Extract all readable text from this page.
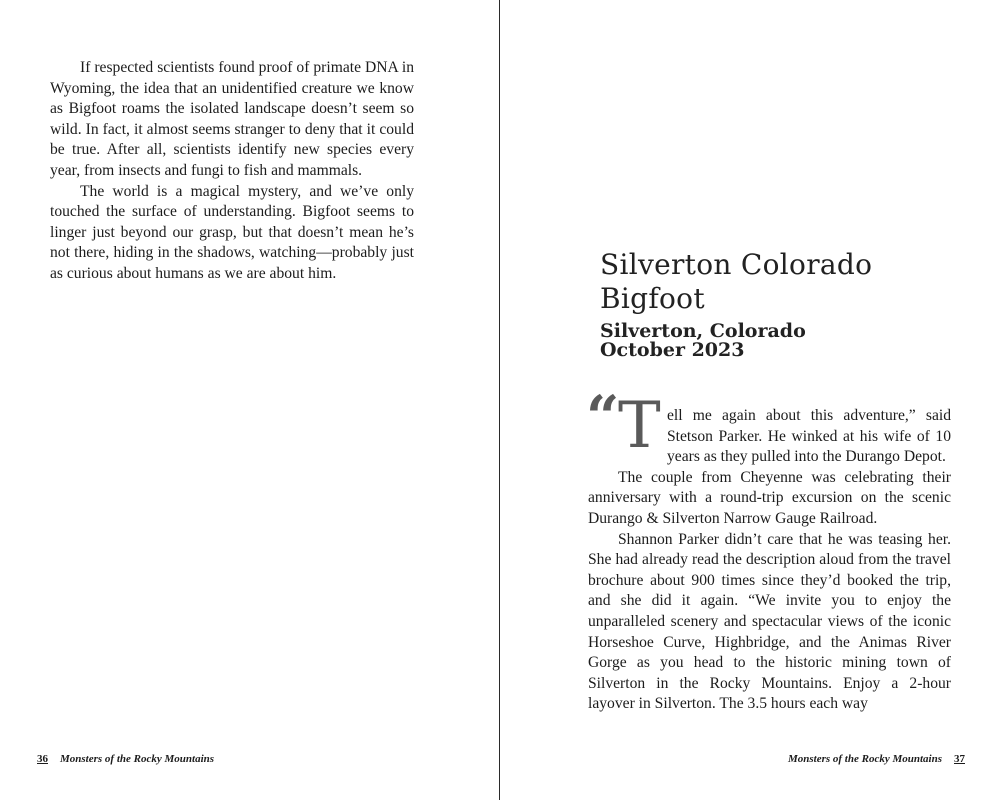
If respected scientists found proof of primate DNA in Wyoming, the idea that an unidentified creature we know as Bigfoot roams the isolated landscape doesn’t seem so wild. In fact, it almost seems stranger to deny that it could be true. After all, scientists identify new species every year, from insects and fungi to fish and mammals.

The world is a magical mystery, and we’ve only touched the surface of understanding. Bigfoot seems to linger just beyond our grasp, but that doesn’t mean he’s not there, hiding in the shadows, watching—probably just as curious about humans as we are about him.

36 Monsters of the Rocky Mountains
Silverton Colorado Bigfoot
Silverton, Colorado
October 2023
“
T ell me again about this adventure,” said Stetson Parker. He winked at his wife of 10 years as they pulled into the Durango Depot.

The couple from Cheyenne was celebrating their anniversary with a round-trip excursion on the scenic Durango & Silverton Narrow Gauge Railroad.

Shannon Parker didn’t care that he was teasing her. She had already read the description aloud from the travel brochure about 900 times since they’d booked the trip, and she did it again. “We invite you to enjoy the unparalleled scenery and spectacular views of the iconic Horseshoe Curve, Highbridge, and the Animas River Gorge as you head to the historic mining town of Silverton in the Rocky Mountains. Enjoy a 2-hour layover in Silverton. The 3.5 hours each way

Monsters of the Rocky Mountains 37
